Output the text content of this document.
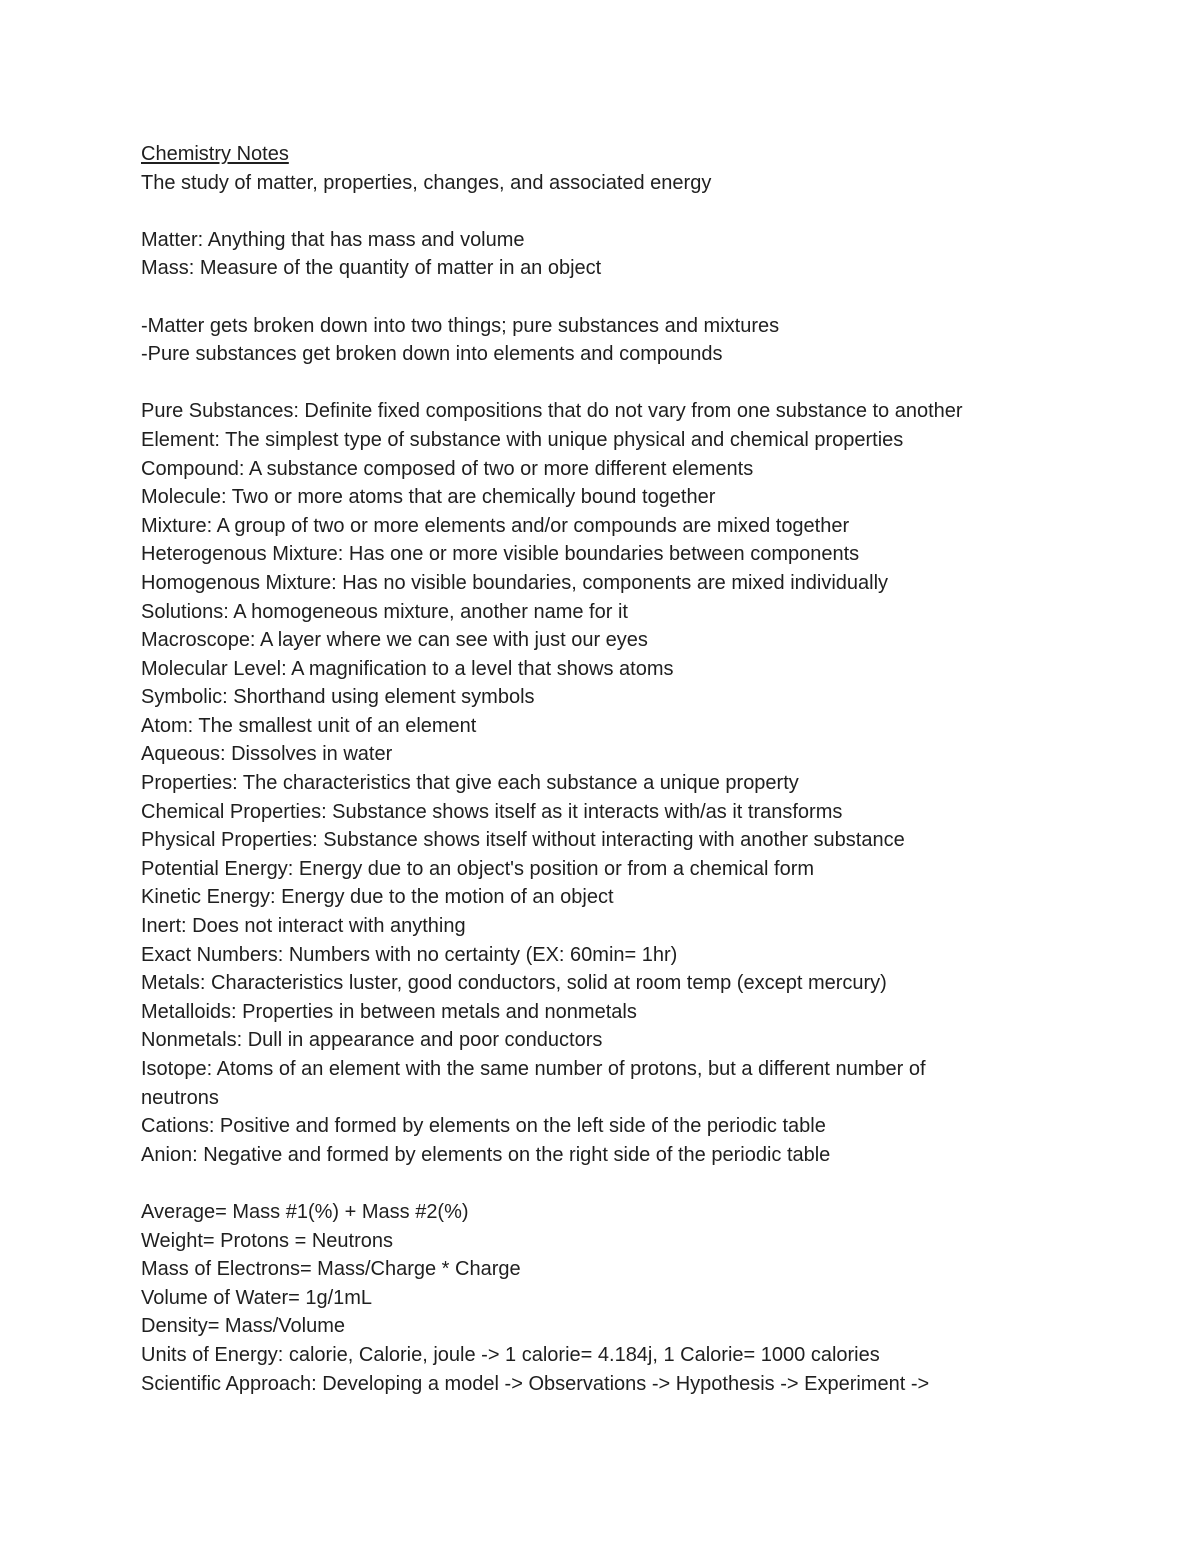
Chemistry Notes
The study of matter, properties, changes, and associated energy
Matter: Anything that has mass and volume
Mass: Measure of the quantity of matter in an object
-Matter gets broken down into two things; pure substances and mixtures
-Pure substances get broken down into elements and compounds
Pure Substances: Definite fixed compositions that do not vary from one substance to another
Element: The simplest type of substance with unique physical and chemical properties
Compound: A substance composed of two or more different elements
Molecule: Two or more atoms that are chemically bound together
Mixture: A group of two or more elements and/or compounds are mixed together
Heterogenous Mixture: Has one or more visible boundaries between components
Homogenous Mixture: Has no visible boundaries, components are mixed individually
Solutions: A homogeneous mixture, another name for it
Macroscope: A layer where we can see with just our eyes
Molecular Level: A magnification to a level that shows atoms
Symbolic: Shorthand using element symbols
Atom: The smallest unit of an element
Aqueous: Dissolves in water
Properties: The characteristics that give each substance a unique property
Chemical Properties: Substance shows itself as it interacts with/as it transforms
Physical Properties: Substance shows itself without interacting with another substance
Potential Energy: Energy due to an object's position or from a chemical form
Kinetic Energy: Energy due to the motion of an object
Inert: Does not interact with anything
Exact Numbers: Numbers with no certainty (EX: 60min= 1hr)
Metals: Characteristics luster, good conductors, solid at room temp (except mercury)
Metalloids: Properties in between metals and nonmetals
Nonmetals: Dull in appearance and poor conductors
Isotope: Atoms of an element with the same number of protons, but a different number of neutrons
Cations: Positive and formed by elements on the left side of the periodic table
Anion: Negative and formed by elements on the right side of the periodic table
Average= Mass #1(%) + Mass #2(%)
Weight= Protons = Neutrons
Mass of Electrons= Mass/Charge * Charge
Volume of Water= 1g/1mL
Density= Mass/Volume
Units of Energy: calorie, Calorie, joule -> 1 calorie= 4.184j, 1 Calorie= 1000 calories
Scientific Approach: Developing a model -> Observations -> Hypothesis -> Experiment ->
